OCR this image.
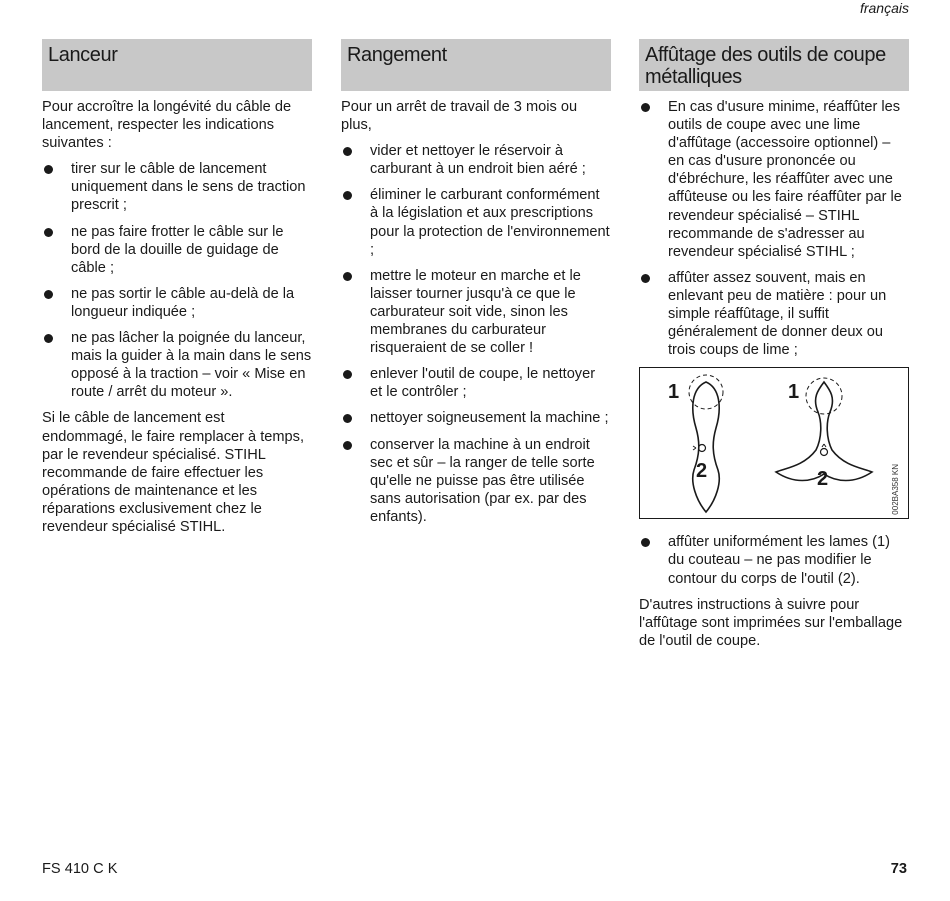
français
Lanceur

Pour accroître la longévité du câble de lancement, respecter les indications suivantes :

tirer sur le câble de lancement uniquement dans le sens de traction prescrit ;
ne pas faire frotter le câble sur le bord de la douille de guidage de câble ;
ne pas sortir le câble au-delà de la longueur indiquée ;
ne pas lâcher la poignée du lanceur, mais la guider à la main dans le sens opposé à la traction – voir « Mise en route / arrêt du moteur ».

Si le câble de lancement est endommagé, le faire remplacer à temps, par le revendeur spécialisé. STIHL recommande de faire effectuer les opérations de maintenance et les réparations exclusivement chez le revendeur spécialisé STIHL.

Rangement

Pour un arrêt de travail de 3 mois ou plus,

vider et nettoyer le réservoir à carburant à un endroit bien aéré ;
éliminer le carburant conformément à la législation et aux prescriptions pour la protection de l'environnement ;
mettre le moteur en marche et le laisser tourner jusqu'à ce que le carburateur soit vide, sinon les membranes du carburateur risqueraient de se coller !
enlever l'outil de coupe, le nettoyer et le contrôler ;
nettoyer soigneusement la machine ;
conserver la machine à un endroit sec et sûr – la ranger de telle sorte qu'elle ne puisse pas être utilisée sans autorisation (par ex. par des enfants).
Affûtage des outils de coupe métalliques
En cas d'usure minime, réaffûter les outils de coupe avec une lime d'affûtage (accessoire optionnel) – en cas d'usure prononcée ou d'ébréchure, les réaffûter avec une affûteuse ou les faire réaffûter par le revendeur spécialisé – STIHL recommande de s'adresser au revendeur spécialisé STIHL ;
affûter assez souvent, mais en enlevant peu de matière : pour un simple réaffûtage, il suffit généralement de donner deux ou trois coups de lime ;
1
2
1
2	002BA358 KN
affûter uniformément les lames (1) du couteau – ne pas modifier le contour du corps de l'outil (2).

D'autres instructions à suivre pour l'affûtage sont imprimées sur l'emballage de l'outil de coupe.

FS 410 C K	73
